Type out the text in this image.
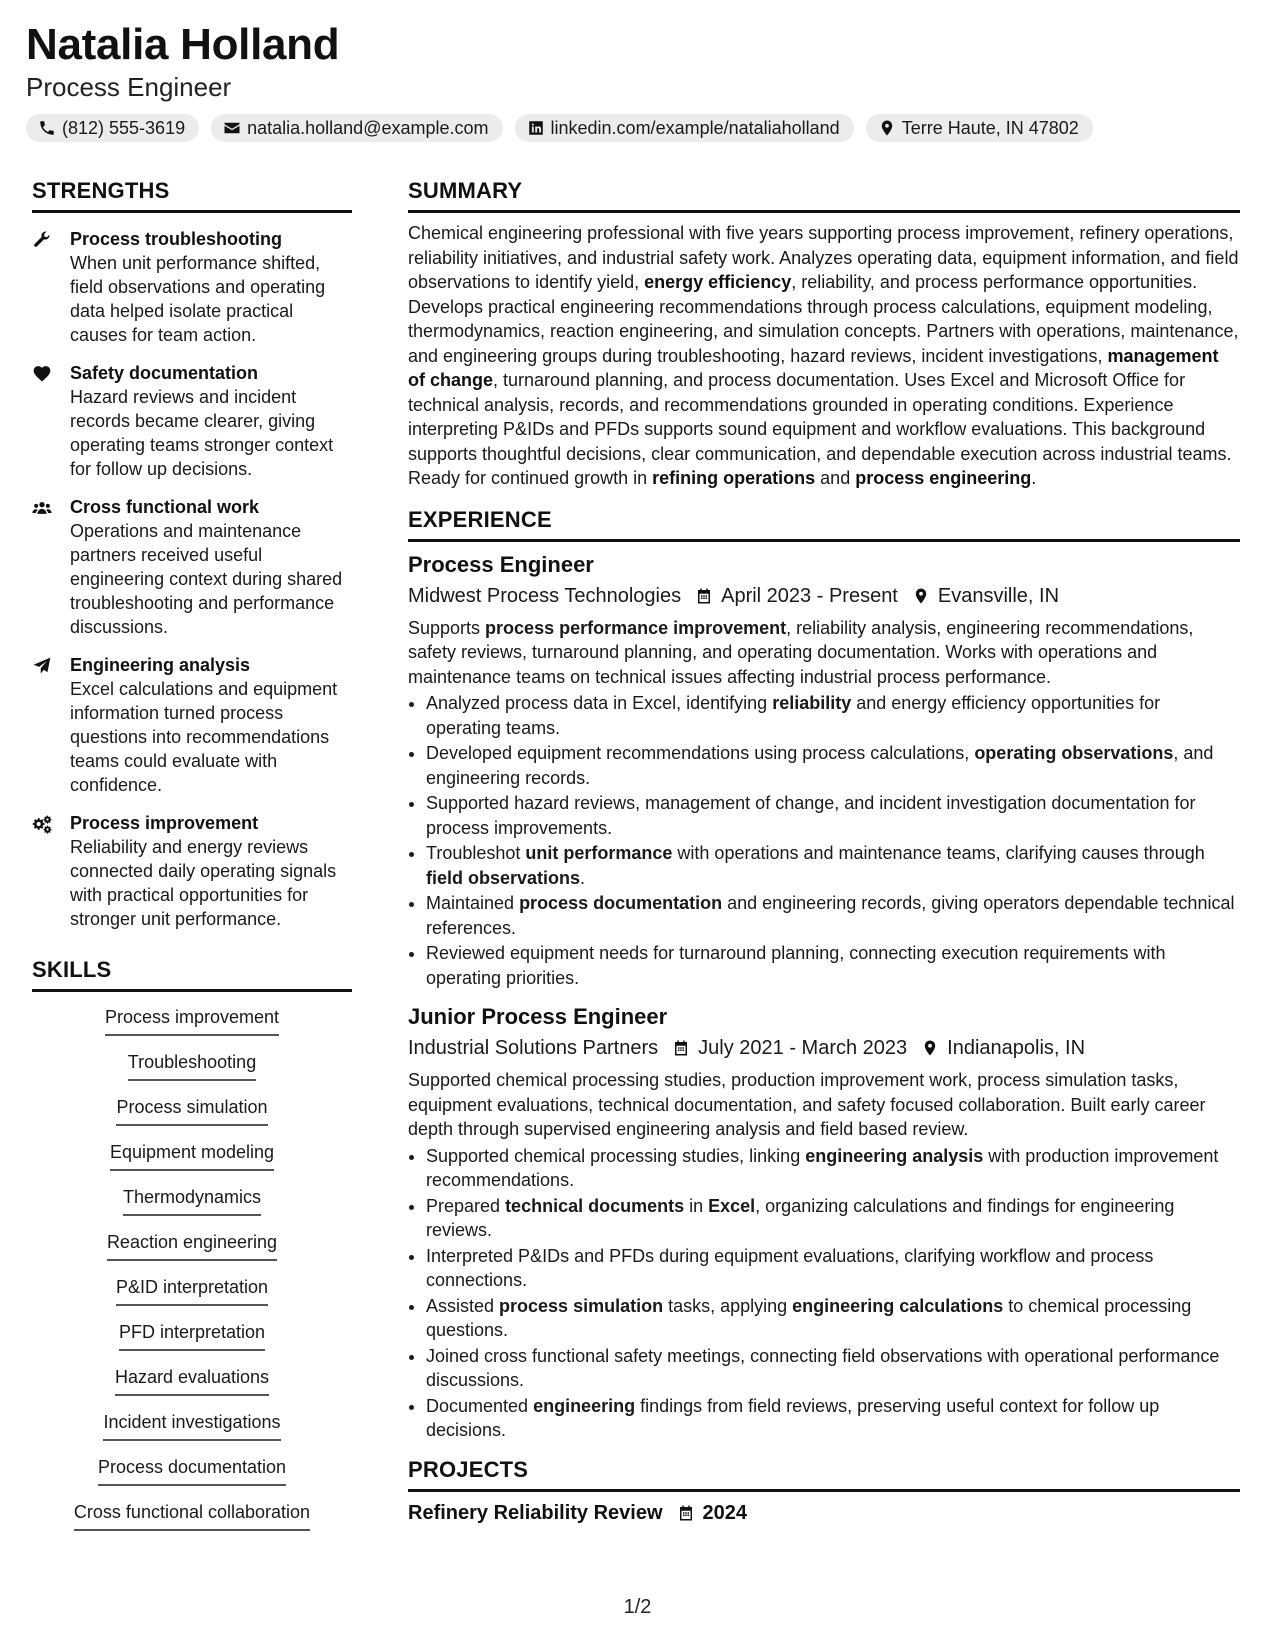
Natalia Holland
Process Engineer
(812) 555-3619	natalia.holland@example.com	linkedin.com/example/nataliaholland	Terre Haute, IN 47802
STRENGTHS
Process troubleshooting
When unit performance shifted, field observations and operating data helped isolate practical causes for team action.
Safety documentation
Hazard reviews and incident records became clearer, giving operating teams stronger context for follow up decisions.
Cross functional work
Operations and maintenance partners received useful engineering context during shared troubleshooting and performance discussions.
Engineering analysis
Excel calculations and equipment information turned process questions into recommendations teams could evaluate with confidence.
Process improvement
Reliability and energy reviews connected daily operating signals with practical opportunities for stronger unit performance.
SKILLS
Process improvement
Troubleshooting
Process simulation
Equipment modeling
Thermodynamics
Reaction engineering
P&ID interpretation
PFD interpretation
Hazard evaluations
Incident investigations
Process documentation
Cross functional collaboration
SUMMARY
Chemical engineering professional with five years supporting process improvement, refinery operations, reliability initiatives, and industrial safety work. Analyzes operating data, equipment information, and field observations to identify yield, energy efficiency, reliability, and process performance opportunities. Develops practical engineering recommendations through process calculations, equipment modeling, thermodynamics, reaction engineering, and simulation concepts. Partners with operations, maintenance, and engineering groups during troubleshooting, hazard reviews, incident investigations, management of change, turnaround planning, and process documentation. Uses Excel and Microsoft Office for technical analysis, records, and recommendations grounded in operating conditions. Experience interpreting P&IDs and PFDs supports sound equipment and workflow evaluations. This background supports thoughtful decisions, clear communication, and dependable execution across industrial teams. Ready for continued growth in refining operations and process engineering.
EXPERIENCE
Process Engineer
Midwest Process Technologies April 2023 - Present Evansville, IN
Supports process performance improvement, reliability analysis, engineering recommendations, safety reviews, turnaround planning, and operating documentation. Works with operations and maintenance teams on technical issues affecting industrial process performance.
• Analyzed process data in Excel, identifying reliability and energy efficiency opportunities for operating teams.
• Developed equipment recommendations using process calculations, operating observations, and engineering records.
• Supported hazard reviews, management of change, and incident investigation documentation for process improvements.
• Troubleshot unit performance with operations and maintenance teams, clarifying causes through field observations.
• Maintained process documentation and engineering records, giving operators dependable technical references.
• Reviewed equipment needs for turnaround planning, connecting execution requirements with operating priorities.
Junior Process Engineer
Industrial Solutions Partners July 2021 - March 2023 Indianapolis, IN
Supported chemical processing studies, production improvement work, process simulation tasks, equipment evaluations, technical documentation, and safety focused collaboration. Built early career depth through supervised engineering analysis and field based review.
• Supported chemical processing studies, linking engineering analysis with production improvement recommendations.
• Prepared technical documents in Excel, organizing calculations and findings for engineering reviews.
• Interpreted P&IDs and PFDs during equipment evaluations, clarifying workflow and process connections.
• Assisted process simulation tasks, applying engineering calculations to chemical processing questions.
• Joined cross functional safety meetings, connecting field observations with operational performance discussions.
• Documented engineering findings from field reviews, preserving useful context for follow up decisions.
PROJECTS
Refinery Reliability Review 2024
1/2
